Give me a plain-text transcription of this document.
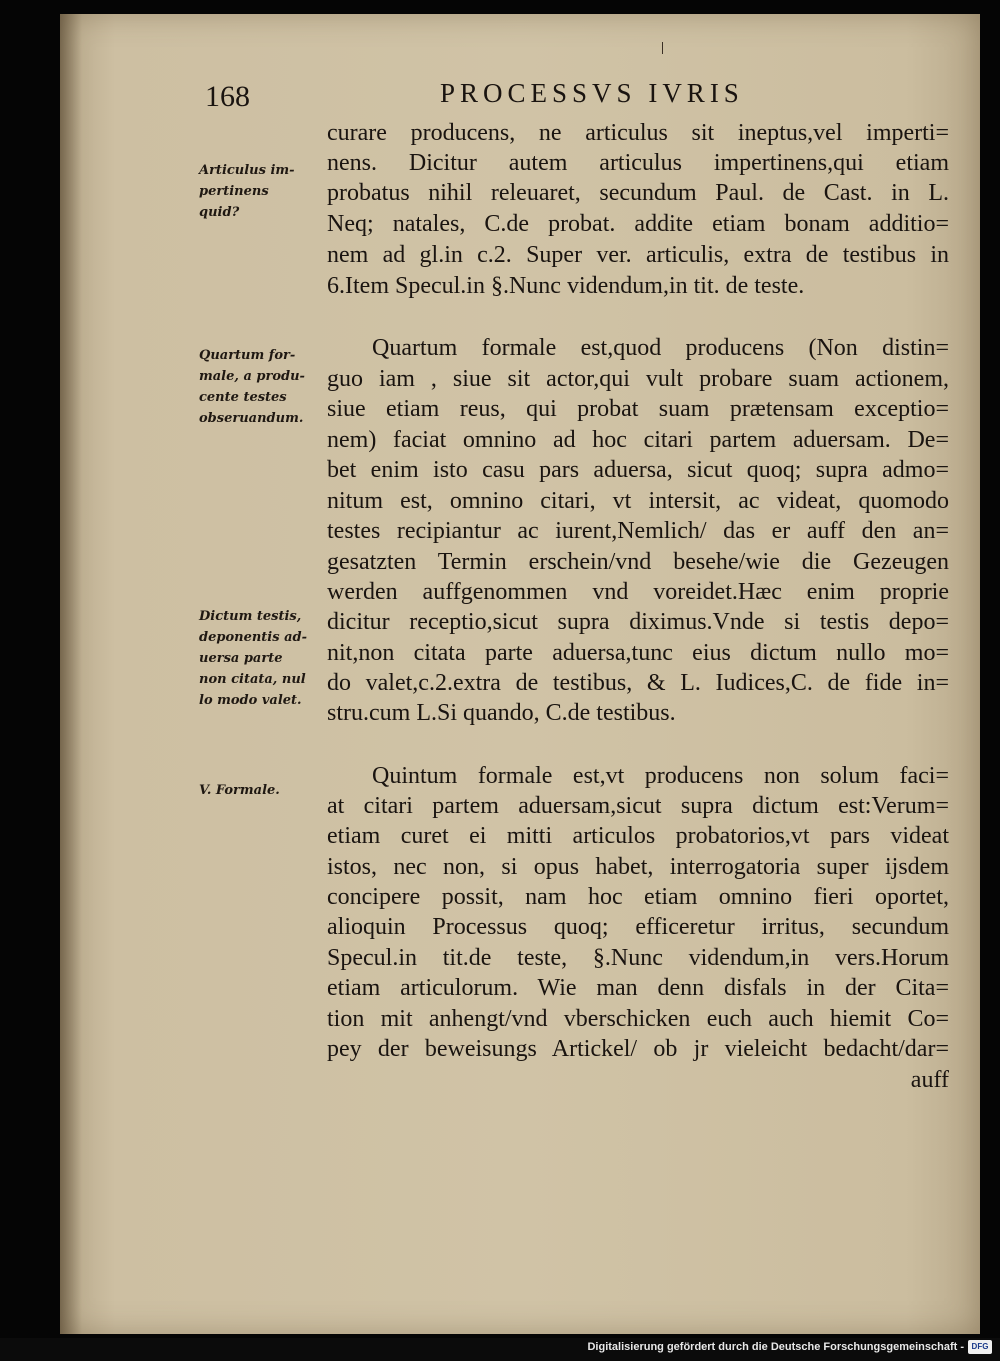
168	PROCESSVS IVRIS
curare producens, ne articulus sit ineptus,vel imperti=
nens. Dicitur autem articulus impertinens,qui etiam
probatus nihil releuaret, secundum Paul. de Cast. in L.
Neq; natales, C.de probat. addite etiam bonam additio=
nem ad gl.in c.2. Super ver. articulis, extra de testibus in
6.Item Specul.in §.Nunc videndum,in tit. de teste.
Quartum formale est,quod producens (Non distin=
guo iam , siue sit actor,qui vult probare suam actionem,
siue etiam reus, qui probat suam prætensam exceptio=
nem) faciat omnino ad hoc citari partem aduersam. De=
bet enim isto casu pars aduersa, sicut quoq; supra admo=
nitum est, omnino citari, vt intersit, ac videat, quomodo
testes recipiantur ac iurent,Nemlich/ das er auff den an=
gesatzten Termin erschein/vnd besehe/wie die Gezeugen
werden auffgenommen vnd voreidet.Hæc enim proprie
dicitur receptio,sicut supra diximus.Vnde si testis depo=
nit,non citata parte aduersa,tunc eius dictum nullo mo=
do valet,c.2.extra de testibus, & L. Iudices,C. de fide in=
stru.cum L.Si quando, C.de testibus.
Quintum formale est,vt producens non solum faci=
at citari partem aduersam,sicut supra dictum est:Verum=
etiam curet ei mitti articulos probatorios,vt pars videat
istos, nec non, si opus habet, interrogatoria super ijsdem
concipere possit, nam hoc etiam omnino fieri oportet,
alioquin Processus quoq; efficeretur irritus, secundum
Specul.in tit.de teste, §.Nunc videndum,in vers.Horum
etiam articulorum. Wie man denn disfals in der Cita=
tion mit anhengt/vnd vberschicken euch auch hiemit Co=
pey der beweisungs Artickel/ ob jr vieleicht bedacht/dar=
auff
Articulus im-
pertinens
quid?
Quartum for-
male, a produ-
cente testes
obseruandum.
Dictum testis,
deponentis ad-
uersa parte
non citata, nul
lo modo valet.
V. Formale.
Digitalisierung gefördert durch die Deutsche Forschungsgemeinschaft - DFG
